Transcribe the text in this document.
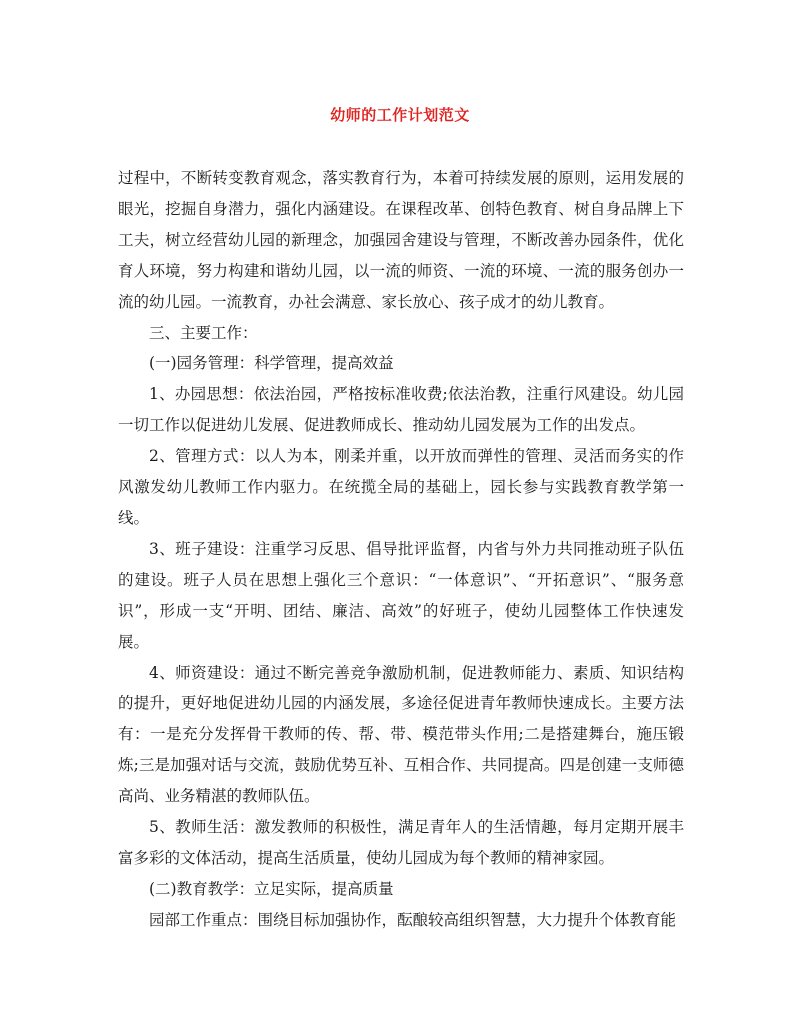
幼师的工作计划范文

过程中，不断转变教育观念，落实教育行为，本着可持续发展的原则，运用发展的眼光，挖掘自身潜力，强化内涵建设。在课程改革、创特色教育、树自身品牌上下工夫，树立经营幼儿园的新理念，加强园舍建设与管理，不断改善办园条件，优化育人环境，努力构建和谐幼儿园，以一流的师资、一流的环境、一流的服务创办一流的幼儿园。一流教育，办社会满意、家长放心、孩子成才的幼儿教育。

三、主要工作：

(一)园务管理：科学管理，提高效益

1、办园思想：依法治园，严格按标准收费;依法治教，注重行风建设。幼儿园一切工作以促进幼儿发展、促进教师成长、推动幼儿园发展为工作的出发点。

2、管理方式：以人为本，刚柔并重，以开放而弹性的管理、灵活而务实的作风激发幼儿教师工作内驱力。在统揽全局的基础上，园长参与实践教育教学第一线。

3、班子建设：注重学习反思、倡导批评监督，内省与外力共同推动班子队伍的建设。班子人员在思想上强化三个意识：“一体意识”、“开拓意识”、“服务意识”，形成一支“开明、团结、廉洁、高效”的好班子，使幼儿园整体工作快速发展。

4、师资建设：通过不断完善竞争激励机制，促进教师能力、素质、知识结构的提升，更好地促进幼儿园的内涵发展，多途径促进青年教师快速成长。主要方法有：一是充分发挥骨干教师的传、帮、带、模范带头作用;二是搭建舞台，施压锻炼;三是加强对话与交流，鼓励优势互补、互相合作、共同提高。四是创建一支师德高尚、业务精湛的教师队伍。

5、教师生活：激发教师的积极性，满足青年人的生活情趣，每月定期开展丰富多彩的文体活动，提高生活质量，使幼儿园成为每个教师的精神家园。

(二)教育教学：立足实际，提高质量

园部工作重点：围绕目标加强协作，酝酿较高组织智慧，大力提升个体教育能
